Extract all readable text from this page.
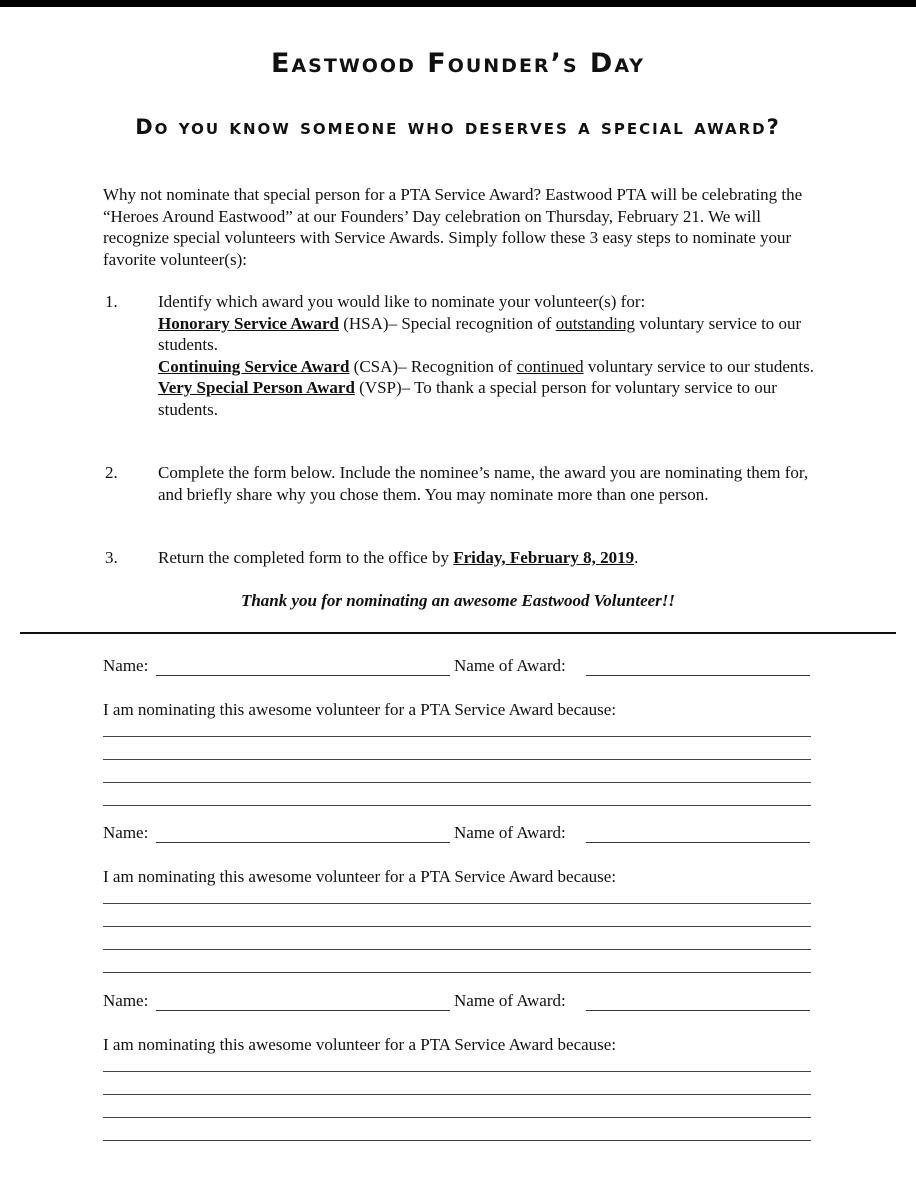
Eastwood Founder’s Day
Do you know someone who deserves a special award?

Why not nominate that special person for a PTA Service Award? Eastwood PTA will be celebrating the “Heroes Around Eastwood” at our Founders’ Day celebration on Thursday, February 21. We will recognize special volunteers with Service Awards. Simply follow these 3 easy steps to nominate your favorite volunteer(s):

1. Identify which award you would like to nominate your volunteer(s) for:
Honorary Service Award (HSA)– Special recognition of outstanding voluntary service to our students.
Continuing Service Award (CSA)– Recognition of continued voluntary service to our students.
Very Special Person Award (VSP)– To thank a special person for voluntary service to our students.
2. Complete the form below. Include the nominee’s name, the award you are nominating them for, and briefly share why you chose them. You may nominate more than one person.
3. Return the completed form to the office by Friday, February 8, 2019.
Thank you for nominating an awesome Eastwood Volunteer!!
Name:	Name of Award:
I am nominating this awesome volunteer for a PTA Service Award because:
Name:	Name of Award:
I am nominating this awesome volunteer for a PTA Service Award because:
Name:	Name of Award:
I am nominating this awesome volunteer for a PTA Service Award because:
